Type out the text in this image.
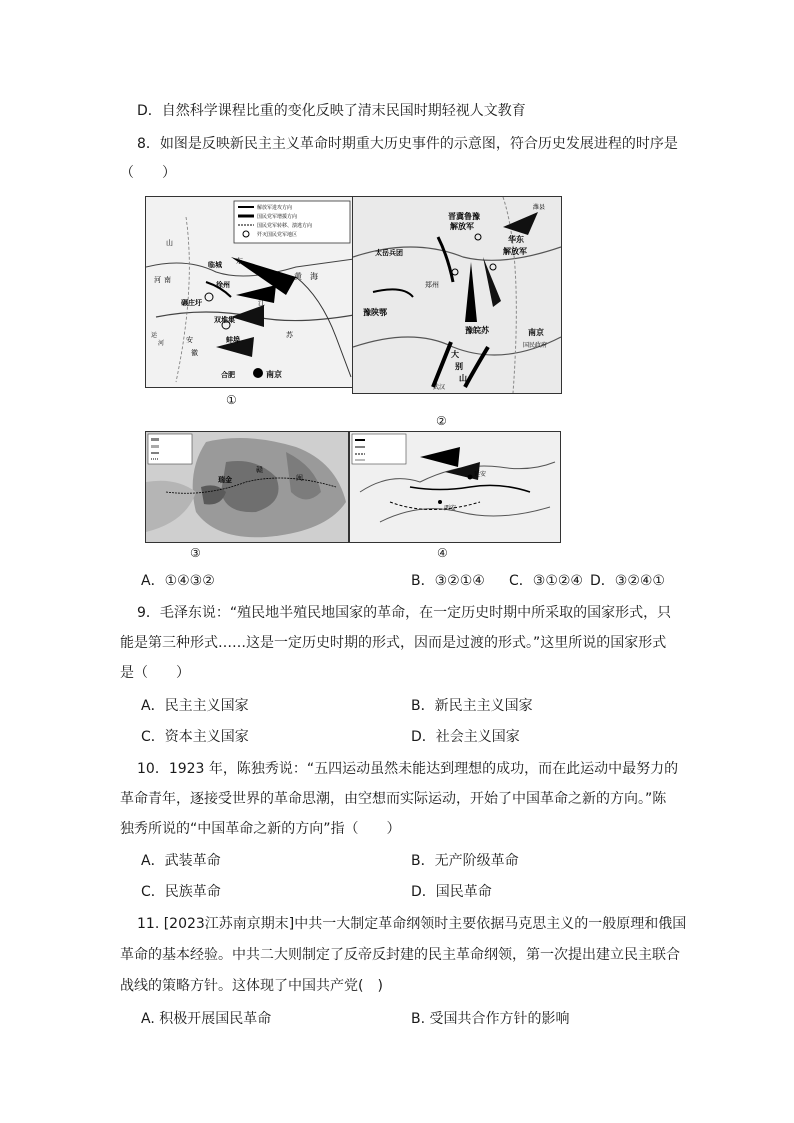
D．自然科学课程比重的变化反映了清末民国时期轻视人文教育
8．如图是反映新民主主义革命时期重大历史事件的示意图，符合历史发展进程的时序是
（　　）
解放军进攻方向
国民党军增援方向
国民党军转移、溃逃方向
歼灭国民党军地区
临城
徐州
碾庄圩
双堆集
蚌埠
合肥	南京
黄 海
山
东
江
苏
安
徽
河 南
运
河
①
晋冀鲁豫
解放军
华东
解放军
太岳兵团
郑州
豫陕鄂
豫皖苏
大
别
山
南京
国民政府
武汉
潍县
②
瑞金
赣
闽
③
延安
西安
④
A．①④③②	B．③②①④ C．③①②④ D．③②④①
9．毛泽东说：“殖民地半殖民地国家的革命，在一定历史时期中所采取的国家形式，只
能是第三种形式……这是一定历史时期的形式，因而是过渡的形式。”这里所说的国家形式
是（　　）
A．民主主义国家	B．新民主主义国家
C．资本主义国家	D．社会主义国家
10．1923 年，陈独秀说：“五四运动虽然未能达到理想的成功，而在此运动中最努力的
革命青年，逐接受世界的革命思潮，由空想而实际运动，开始了中国革命之新的方向。”陈
独秀所说的“中国革命之新的方向”指（　　）
A．武装革命	B．无产阶级革命
C．民族革命	D．国民革命
11. [2023江苏南京期末]中共一大制定革命纲领时主要依据马克思主义的一般原理和俄国
革命的基本经验。中共二大则制定了反帝反封建的民主革命纲领，第一次提出建立民主联合
战线的策略方针。这体现了中国共产党(　)
A. 积极开展国民革命	B. 受国共合作方针的影响
